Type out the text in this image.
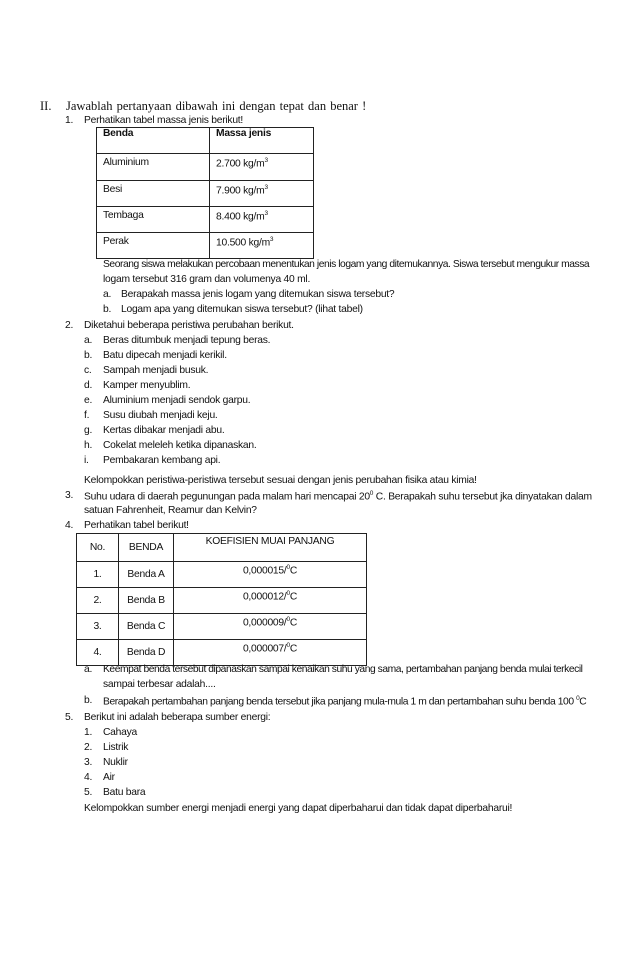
II. Jawablah pertanyaan dibawah ini dengan tepat dan benar !
1. Perhatikan tabel massa jenis berikut!
Benda	Massa jenis
Aluminium	2.700 $kg/m^3$
Besi	7.900 $kg/m^3$
Tembaga	8.400 $kg/m^3$
Perak	10.500 $kg/m^3$
Seorang siswa melakukan percobaan menentukan jenis logam yang ditemukannya. Siswa tersebut mengukur massa
logam tersebut 316 gram dan volumenya 40 ml.
a. Berapakah massa jenis logam yang ditemukan siswa tersebut?
b. Logam apa yang ditemukan siswa tersebut? (lihat tabel)
2. Diketahui beberapa peristiwa perubahan berikut.
a. Beras ditumbuk menjadi tepung beras.
b. Batu dipecah menjadi kerikil.
c. Sampah menjadi busuk.
d. Kamper menyublim.
e. Aluminium menjadi sendok garpu.
f. Susu diubah menjadi keju.
g. Kertas dibakar menjadi abu.
h. Cokelat meleleh ketika dipanaskan.
i. Pembakaran kembang api.
Kelompokkan peristiwa-peristiwa tersebut sesuai dengan jenis perubahan fisika atau kimia!
3. Suhu udara di daerah pegunungan pada malam hari mencapai $20^0$ C. Berapakah suhu tersebut jka dinyatakan dalam
satuan Fahrenheit, Reamur dan Kelvin?
4. Perhatikan tabel berikut!
No.	BENDA	KOEFISIEN MUAI PANJANG
1.	Benda A	0,000015/$^0$C
2.	Benda B	0,000012/$^0$C
3.	Benda C	0,000009/$^0$C
4.	Benda D	0,000007/$^0$C
a. Keempat benda tersebut dipanaskan sampai kenaikan suhu yang sama, pertambahan panjang benda mulai terkecil
sampai terbesar adalah....
b. Berapakah pertambahan panjang benda tersebut jika panjang mula-mula 1 m dan pertambahan suhu benda 100 $^0$C
5. Berikut ini adalah beberapa sumber energi:
1. Cahaya
2. Listrik
3. Nuklir
4. Air
5. Batu bara
Kelompokkan sumber energi menjadi energi yang dapat diperbaharui dan tidak dapat diperbaharui!
